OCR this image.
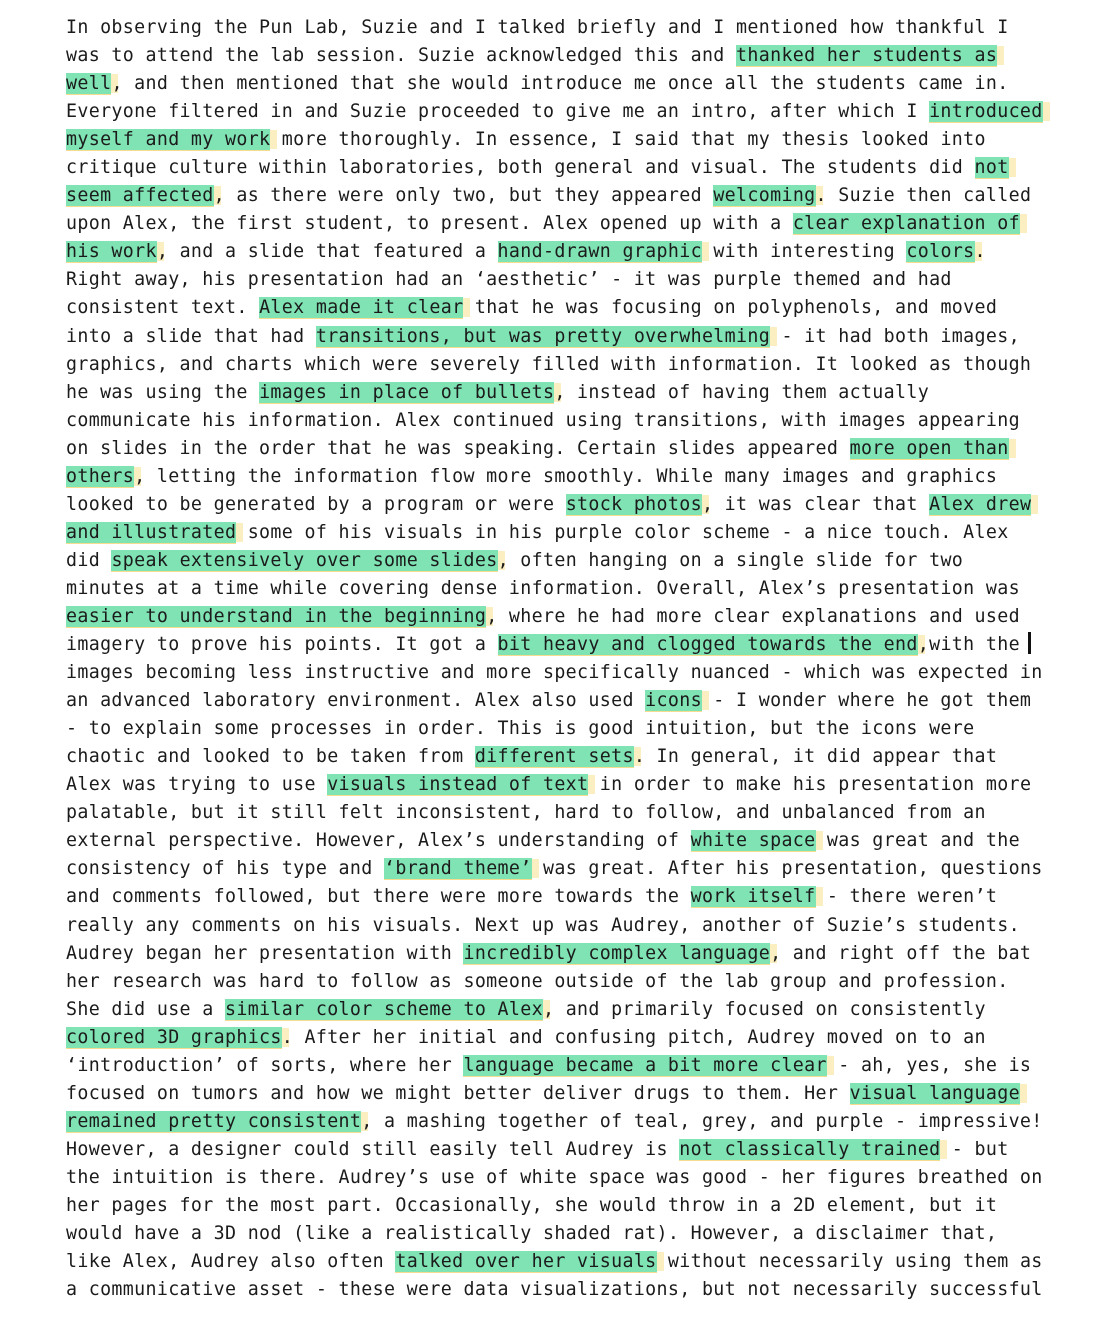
In observing the Pun Lab, Suzie and I talked briefly and I mentioned how thankful I
was to attend the lab session. Suzie acknowledged this and thanked her students as
well, and then mentioned that she would introduce me once all the students came in.
Everyone filtered in and Suzie proceeded to give me an intro, after which I introduced
myself and my work more thoroughly. In essence, I said that my thesis looked into
critique culture within laboratories, both general and visual. The students did not
seem affected, as there were only two, but they appeared welcoming. Suzie then called
upon Alex, the first student, to present. Alex opened up with a clear explanation of
his work, and a slide that featured a hand-drawn graphic with interesting colors.
Right away, his presentation had an ‘aesthetic’ - it was purple themed and had
consistent text. Alex made it clear that he was focusing on polyphenols, and moved
into a slide that had transitions, but was pretty overwhelming - it had both images,
graphics, and charts which were severely filled with information. It looked as though
he was using the images in place of bullets, instead of having them actually
communicate his information. Alex continued using transitions, with images appearing
on slides in the order that he was speaking. Certain slides appeared more open than
others, letting the information flow more smoothly. While many images and graphics
looked to be generated by a program or were stock photos, it was clear that Alex drew
and illustrated some of his visuals in his purple color scheme - a nice touch. Alex
did speak extensively over some slides, often hanging on a single slide for two
minutes at a time while covering dense information. Overall, Alex’s presentation was
easier to understand in the beginning, where he had more clear explanations and used
imagery to prove his points. It got a bit heavy and clogged towards the end,with the
images becoming less instructive and more specifically nuanced - which was expected in
an advanced laboratory environment. Alex also used icons - I wonder where he got them
- to explain some processes in order. This is good intuition, but the icons were
chaotic and looked to be taken from different sets. In general, it did appear that
Alex was trying to use visuals instead of text in order to make his presentation more
palatable, but it still felt inconsistent, hard to follow, and unbalanced from an
external perspective. However, Alex’s understanding of white space was great and the
consistency of his type and ‘brand theme’ was great. After his presentation, questions
and comments followed, but there were more towards the work itself - there weren’t
really any comments on his visuals. Next up was Audrey, another of Suzie’s students.
Audrey began her presentation with incredibly complex language, and right off the bat
her research was hard to follow as someone outside of the lab group and profession.
She did use a similar color scheme to Alex, and primarily focused on consistently
colored 3D graphics. After her initial and confusing pitch, Audrey moved on to an
‘introduction’ of sorts, where her language became a bit more clear - ah, yes, she is
focused on tumors and how we might better deliver drugs to them. Her visual language
remained pretty consistent, a mashing together of teal, grey, and purple - impressive!
However, a designer could still easily tell Audrey is not classically trained - but
the intuition is there. Audrey’s use of white space was good - her figures breathed on
her pages for the most part. Occasionally, she would throw in a 2D element, but it
would have a 3D nod (like a realistically shaded rat). However, a disclaimer that,
like Alex, Audrey also often talked over her visuals without necessarily using them as
a communicative asset - these were data visualizations, but not necessarily successful
